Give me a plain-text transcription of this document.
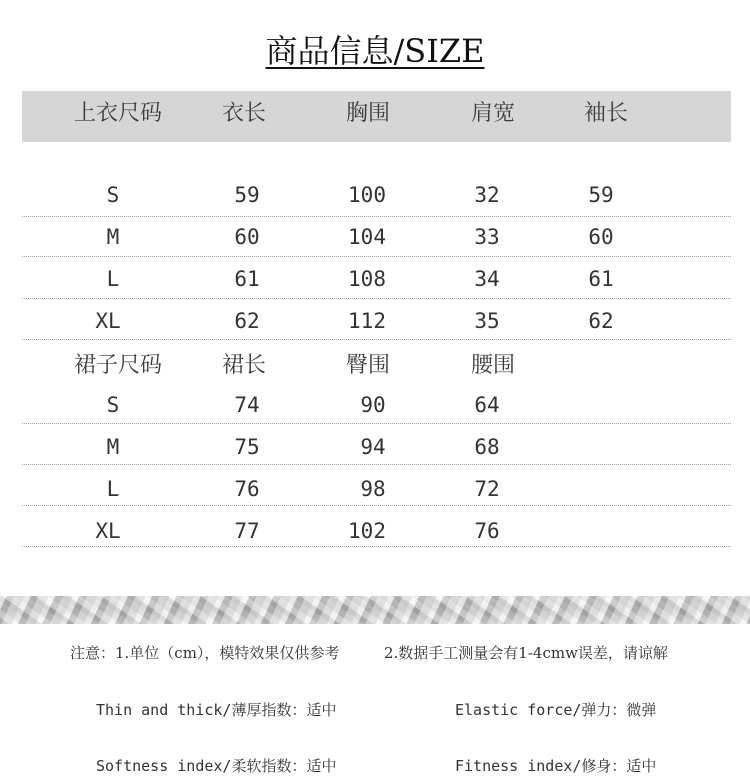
商品信息/SIZE
上衣尺码	衣长	胸围	肩宽	袖长
S	59	100	32	59
M	60	104	33	60
L	61	108	34	61
XL	62	112	35	62
裙子尺码	裙长	臀围	腰围
S	74	90	64
M	75	94	68
L	76	98	72
XL	77	102	76
注意：1.单位（cm），模特效果仅供参考	2.数据手工测量会有1-4cmw误差，请谅解
Thin and thick/薄厚指数：适中	Elastic force/弹力：微弹
Softness index/柔软指数：适中	Fitness index/修身：适中
